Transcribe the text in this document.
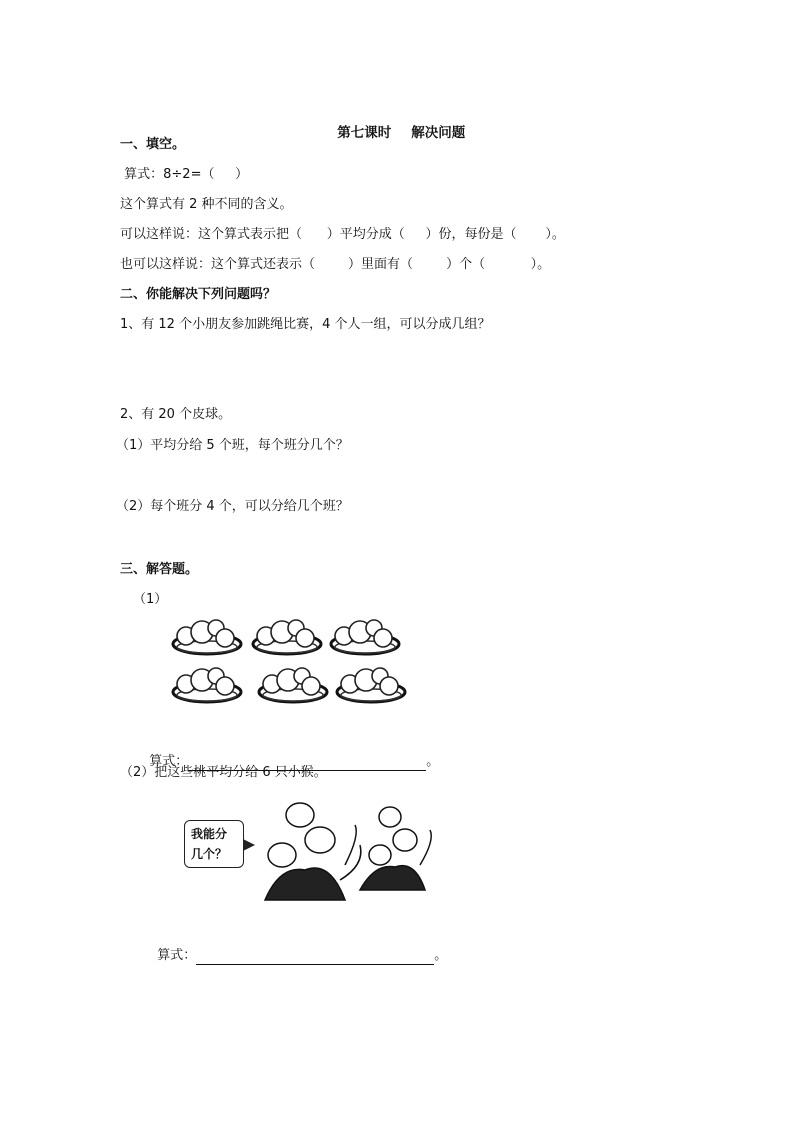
第七课时 解决问题

一、填空。
算式：8÷2=（     ）
这个算式有 2 种不同的含义。
可以这样说：这个算式表示把（      ）平均分成（     ）份，每份是（       ）。
也可以这样说：这个算式还表示（        ）里面有（        ）个（           ）。
二、你能解决下列问题吗？
1、有 12 个小朋友参加跳绳比赛，4 个人一组，可以分成几组？
2、有 20 个皮球。
（1）平均分给 5 个班，每个班分几个？
（2）每个班分 4 个，可以分给几个班？
三、解答题。
（1）

算式：	。

（2）把这些桃平均分给 6 只小猴。
我能分
几个？

算式：	。
